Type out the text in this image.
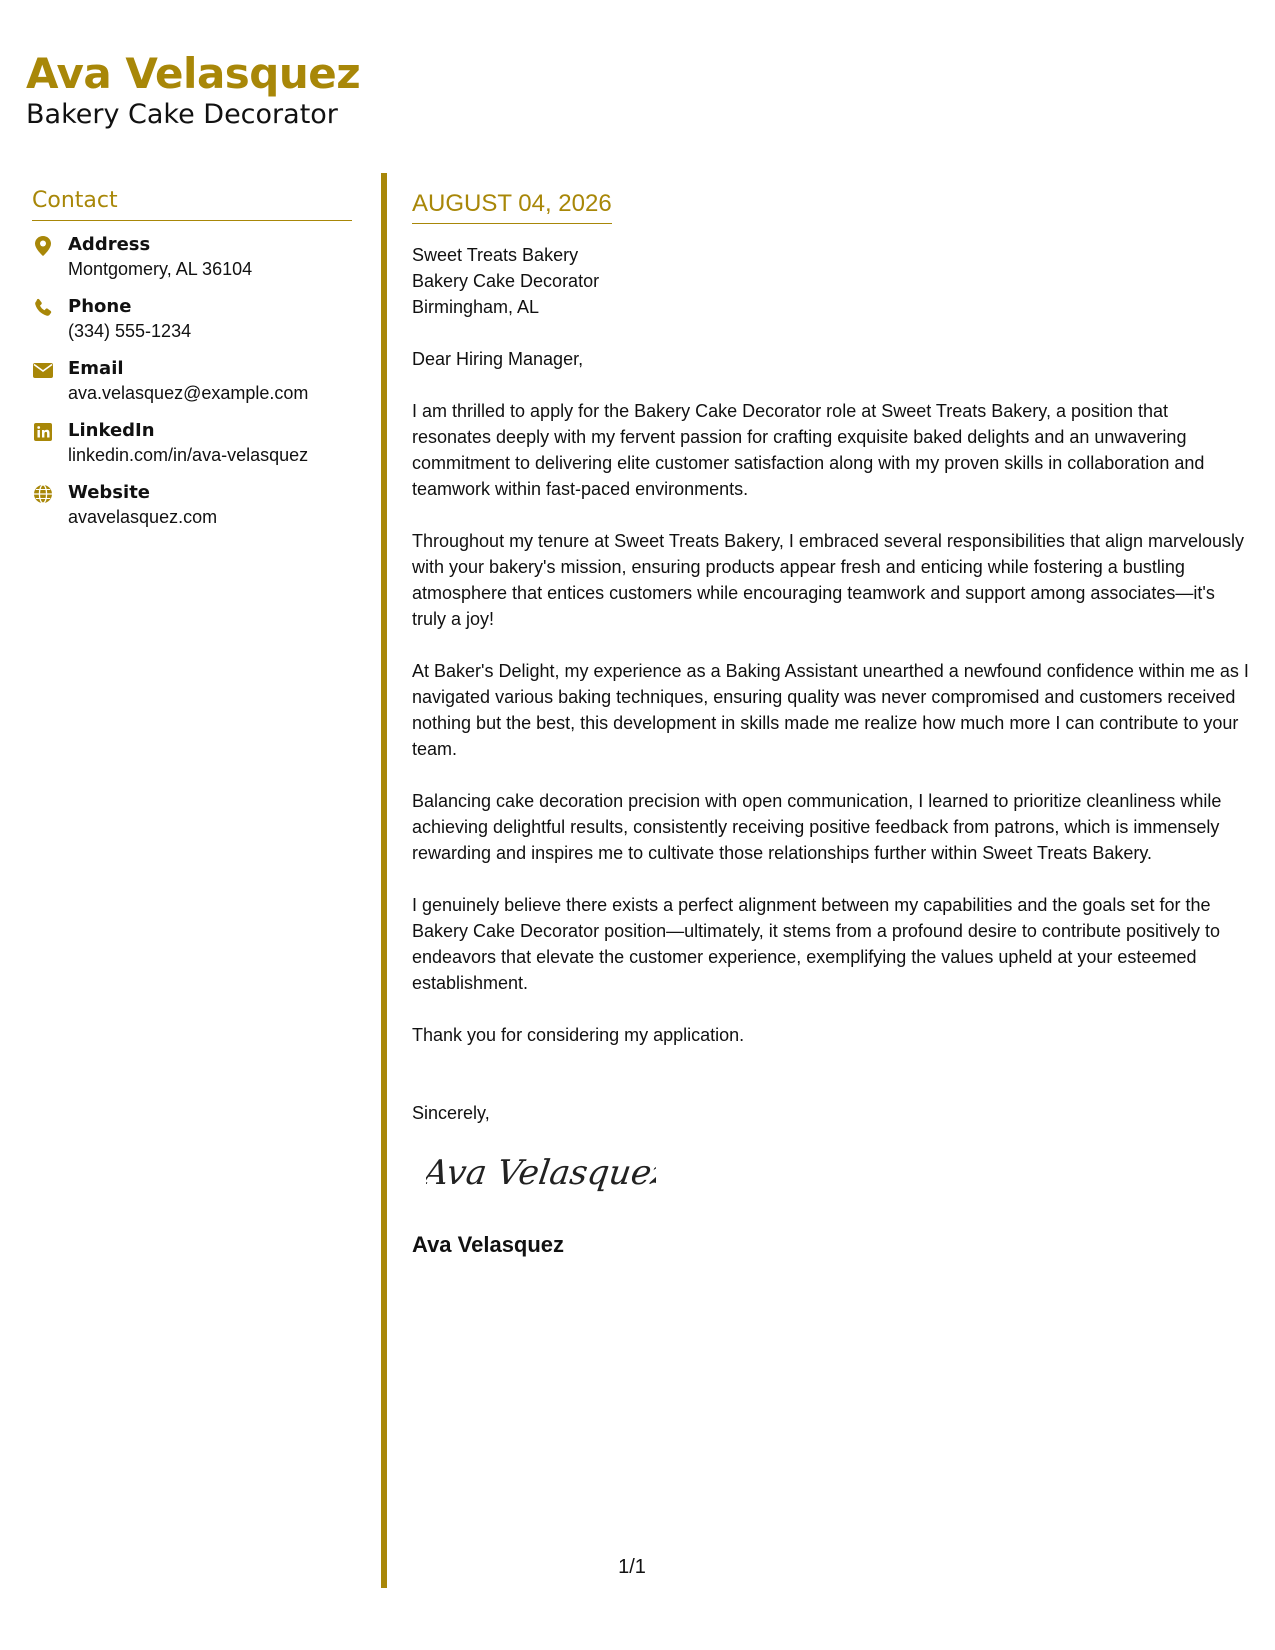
Ava Velasquez
Bakery Cake Decorator
Contact
Address
Montgomery, AL 36104
Phone
(334) 555-1234
Email
ava.velasquez@example.com
LinkedIn
linkedin.com/in/ava-velasquez
Website
avavelasquez.com
AUGUST 04, 2026
Sweet Treats Bakery
Bakery Cake Decorator
Birmingham, AL
Dear Hiring Manager,

I am thrilled to apply for the Bakery Cake Decorator role at Sweet Treats Bakery, a position that resonates deeply with my fervent passion for crafting exquisite baked delights and an unwavering commitment to delivering elite customer satisfaction along with my proven skills in collaboration and teamwork within fast-paced environments.

Throughout my tenure at Sweet Treats Bakery, I embraced several responsibilities that align marvelously with your bakery's mission, ensuring products appear fresh and enticing while fostering a bustling atmosphere that entices customers while encouraging teamwork and support among associates—it's truly a joy!

At Baker's Delight, my experience as a Baking Assistant unearthed a newfound confidence within me as I navigated various baking techniques, ensuring quality was never compromised and customers received nothing but the best, this development in skills made me realize how much more I can contribute to your team.

Balancing cake decoration precision with open communication, I learned to prioritize cleanliness while achieving delightful results, consistently receiving positive feedback from patrons, which is immensely rewarding and inspires me to cultivate those relationships further within Sweet Treats Bakery.

I genuinely believe there exists a perfect alignment between my capabilities and the goals set for the Bakery Cake Decorator position—ultimately, it stems from a profound desire to contribute positively to endeavors that elevate the customer experience, exemplifying the values upheld at your esteemed establishment.

Thank you for considering my application.

Sincerely,
Ava Velasquez
Ava Velasquez
1/1
